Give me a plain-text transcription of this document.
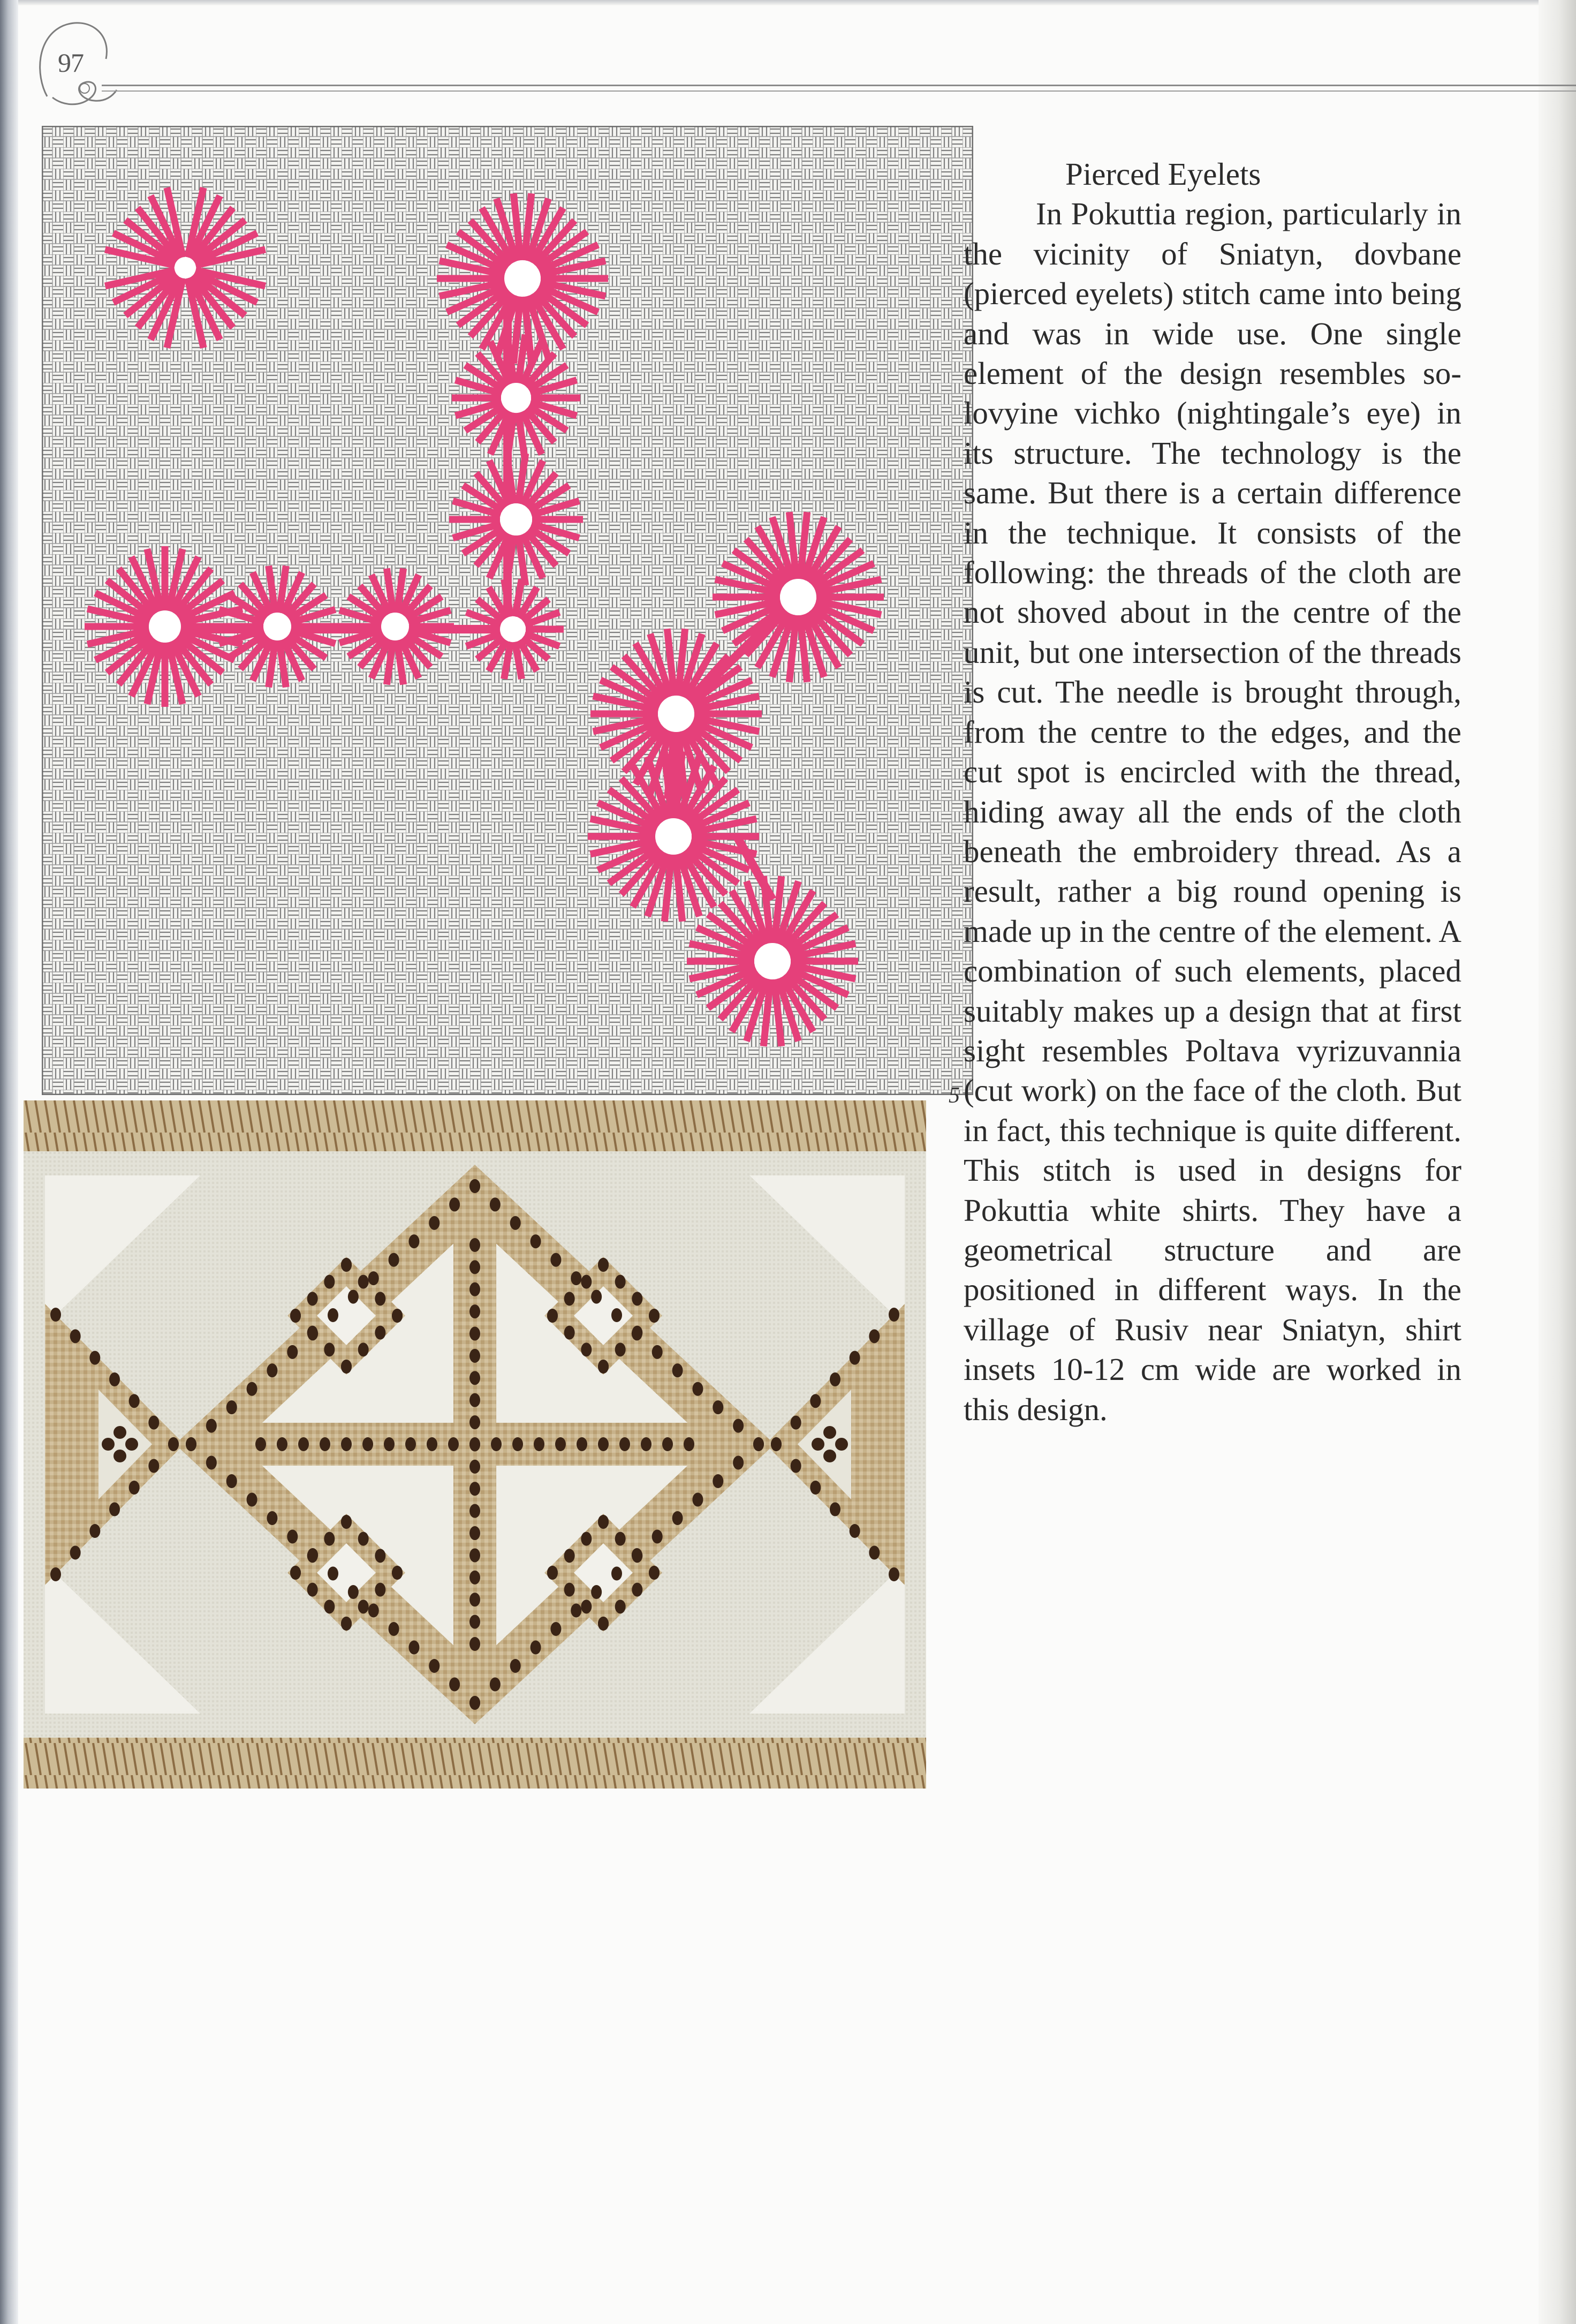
97
5
Pierced Eyelets

In Pokuttia region, particularly in the vicinity of Sniatyn, dovbane (pierced eyelets) stitch came into being and was in wide use. One single element of the design resembles solovyine vichko (nightingale’s eye) in its structure. The technology is the same. But there is a certain difference in the technique. It consists of the following: the threads of the cloth are not shoved about in the centre of the unit, but one intersection of the threads is cut. The needle is brought through, from the centre to the edges, and the cut spot is encircled with the thread, hiding away all the ends of the cloth beneath the embroidery thread. As a result, rather a big round opening is made up in the centre of the element. A combination of such elements, placed suitably makes up a design that at first sight resembles Poltava vyrizuvannia (cut work) on the face of the cloth. But in fact, this technique is quite different. This stitch is used in designs for Pokuttia white shirts. They have a geometrical structure and are positioned in different ways. In the village of Rusiv near Sniatyn, shirt insets 10-12 cm wide are worked in this design.
